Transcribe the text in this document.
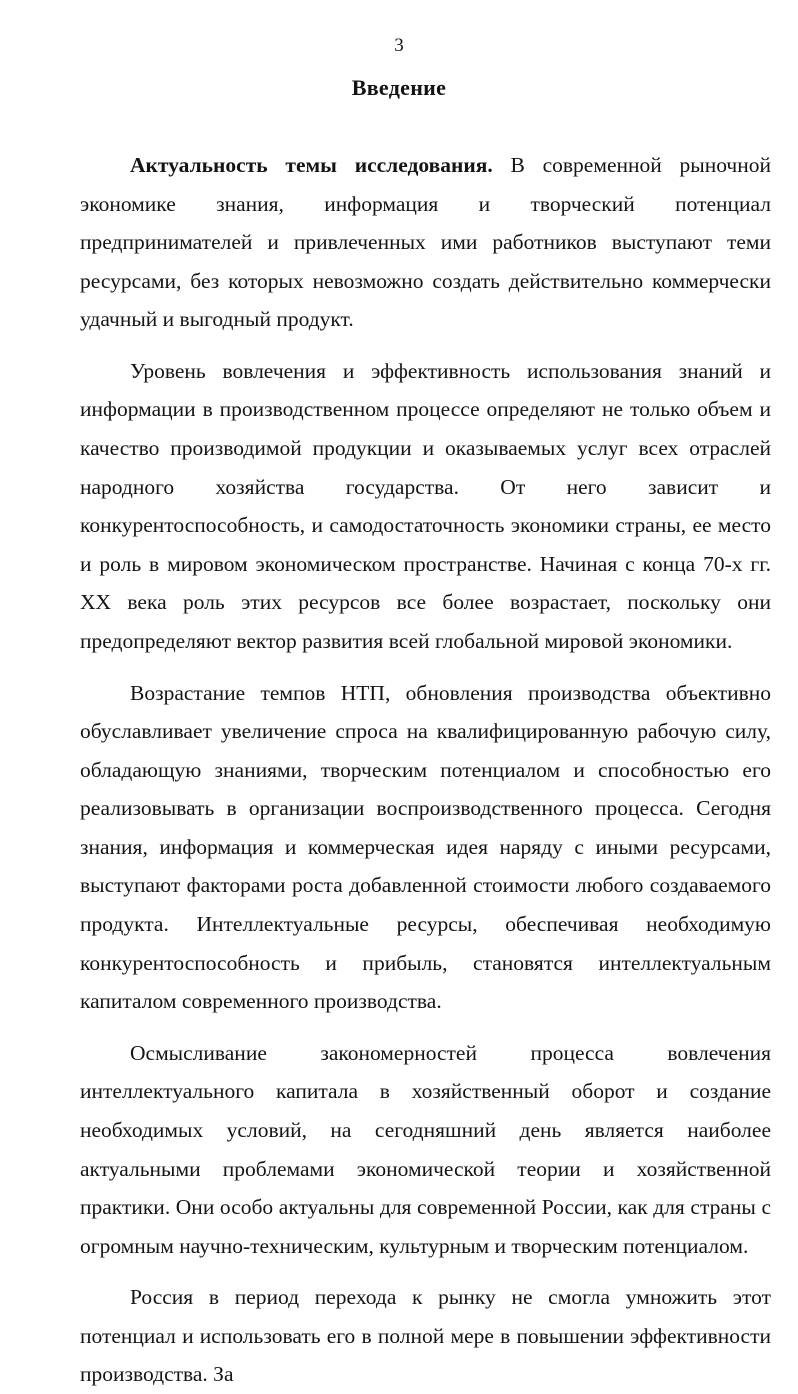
3
Введение

Актуальность темы исследования. В современной рыночной экономике знания, информация и творческий потенциал предпринимателей и привлеченных ими работников выступают теми ресурсами, без которых невозможно создать действительно коммерчески удачный и выгодный продукт.

Уровень вовлечения и эффективность использования знаний и информации в производственном процессе определяют не только объем и качество производимой продукции и оказываемых услуг всех отраслей народного хозяйства государства. От него зависит и конкурентоспособность, и самодостаточность экономики страны, ее место и роль в мировом экономическом пространстве. Начиная с конца 70-х гг. XX века роль этих ресурсов все более возрастает, поскольку они предопределяют вектор развития всей глобальной мировой экономики.

Возрастание темпов НТП, обновления производства объективно обуславливает увеличение спроса на квалифицированную рабочую силу, обладающую знаниями, творческим потенциалом и способностью его реализовывать в организации воспроизводственного процесса. Сегодня знания, информация и коммерческая идея наряду с иными ресурсами, выступают факторами роста добавленной стоимости любого создаваемого продукта. Интеллектуальные ресурсы, обеспечивая необходимую конкурентоспособность и прибыль, становятся интеллектуальным капиталом современного производства.

Осмысливание закономерностей процесса вовлечения интеллектуального капитала в хозяйственный оборот и создание необходимых условий, на сегодняшний день является наиболее актуальными проблемами экономической теории и хозяйственной практики. Они особо актуальны для современной России, как для страны с огромным научно-техническим, культурным и творческим потенциалом.

Россия в период перехода к рынку не смогла умножить этот потенциал и использовать его в полной мере в повышении эффективности производства. За
